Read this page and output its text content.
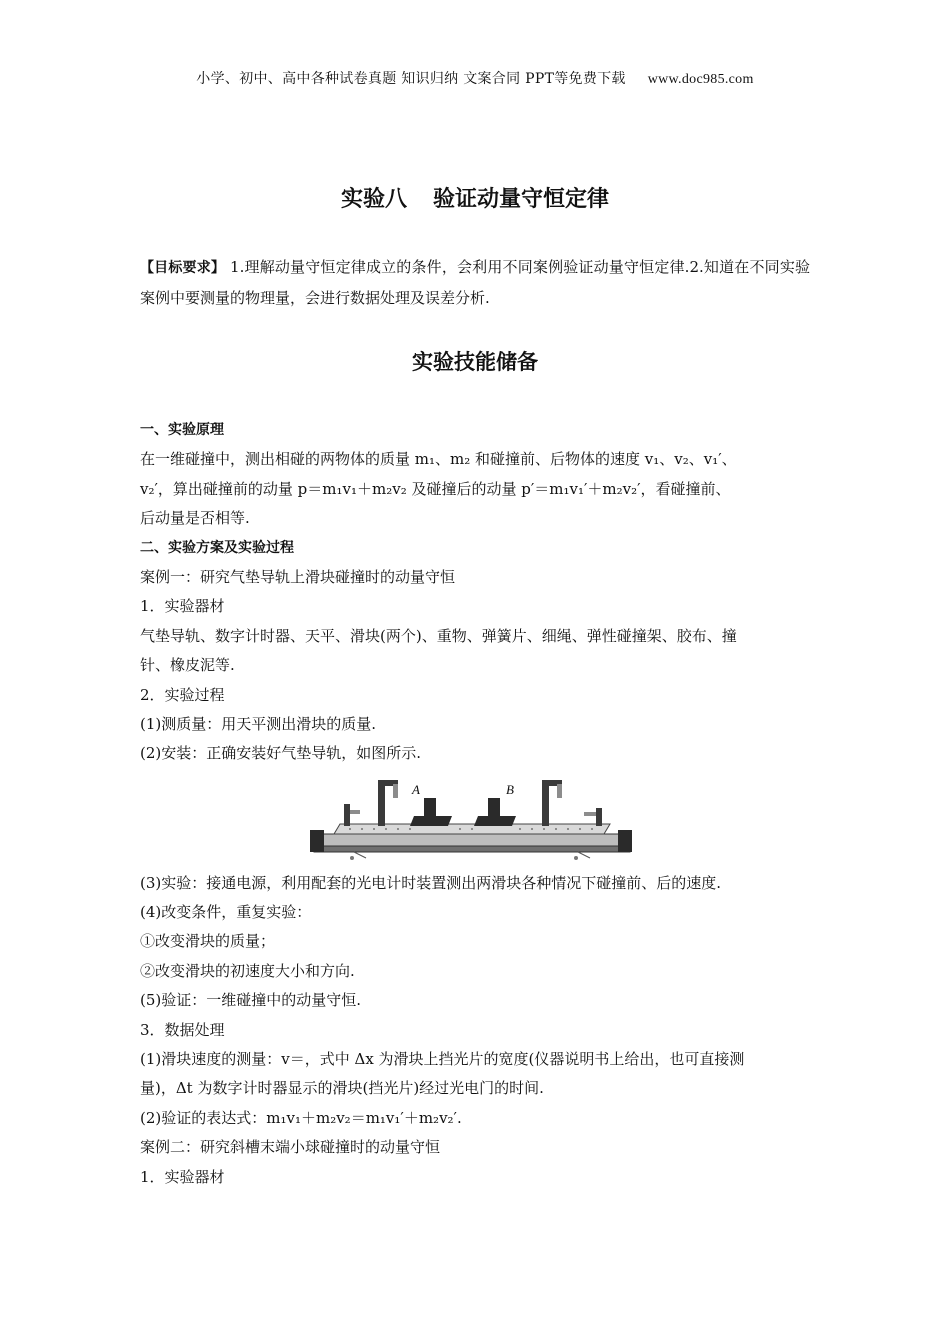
小学、初中、高中各种试卷真题 知识归纳 文案合同 PPT等免费下载 www.doc985.com
实验八 验证动量守恒定律
【目标要求】 1.理解动量守恒定律成立的条件，会利用不同案例验证动量守恒定律.2.知道在不同实验案例中要测量的物理量，会进行数据处理及误差分析.
实验技能储备
一、实验原理
在一维碰撞中，测出相碰的两物体的质量 m₁、m₂ 和碰撞前、后物体的速度 v₁、v₂、v₁′、
v₂′，算出碰撞前的动量 p＝m₁v₁＋m₂v₂ 及碰撞后的动量 p′＝m₁v₁′＋m₂v₂′，看碰撞前、
后动量是否相等.
二、实验方案及实验过程
案例一：研究气垫导轨上滑块碰撞时的动量守恒
1．实验器材
气垫导轨、数字计时器、天平、滑块(两个)、重物、弹簧片、细绳、弹性碰撞架、胶布、撞
针、橡皮泥等.
2．实验过程
(1)测质量：用天平测出滑块的质量.
(2)安装：正确安装好气垫导轨，如图所示.
A	B
(3)实验：接通电源，利用配套的光电计时装置测出两滑块各种情况下碰撞前、后的速度.
(4)改变条件，重复实验：
①改变滑块的质量；
②改变滑块的初速度大小和方向.
(5)验证：一维碰撞中的动量守恒.
3．数据处理
(1)滑块速度的测量：v＝，式中 Δx 为滑块上挡光片的宽度(仪器说明书上给出，也可直接测
量)，Δt 为数字计时器显示的滑块(挡光片)经过光电门的时间.
(2)验证的表达式：m₁v₁＋m₂v₂＝m₁v₁′＋m₂v₂′.
案例二：研究斜槽末端小球碰撞时的动量守恒
1．实验器材
